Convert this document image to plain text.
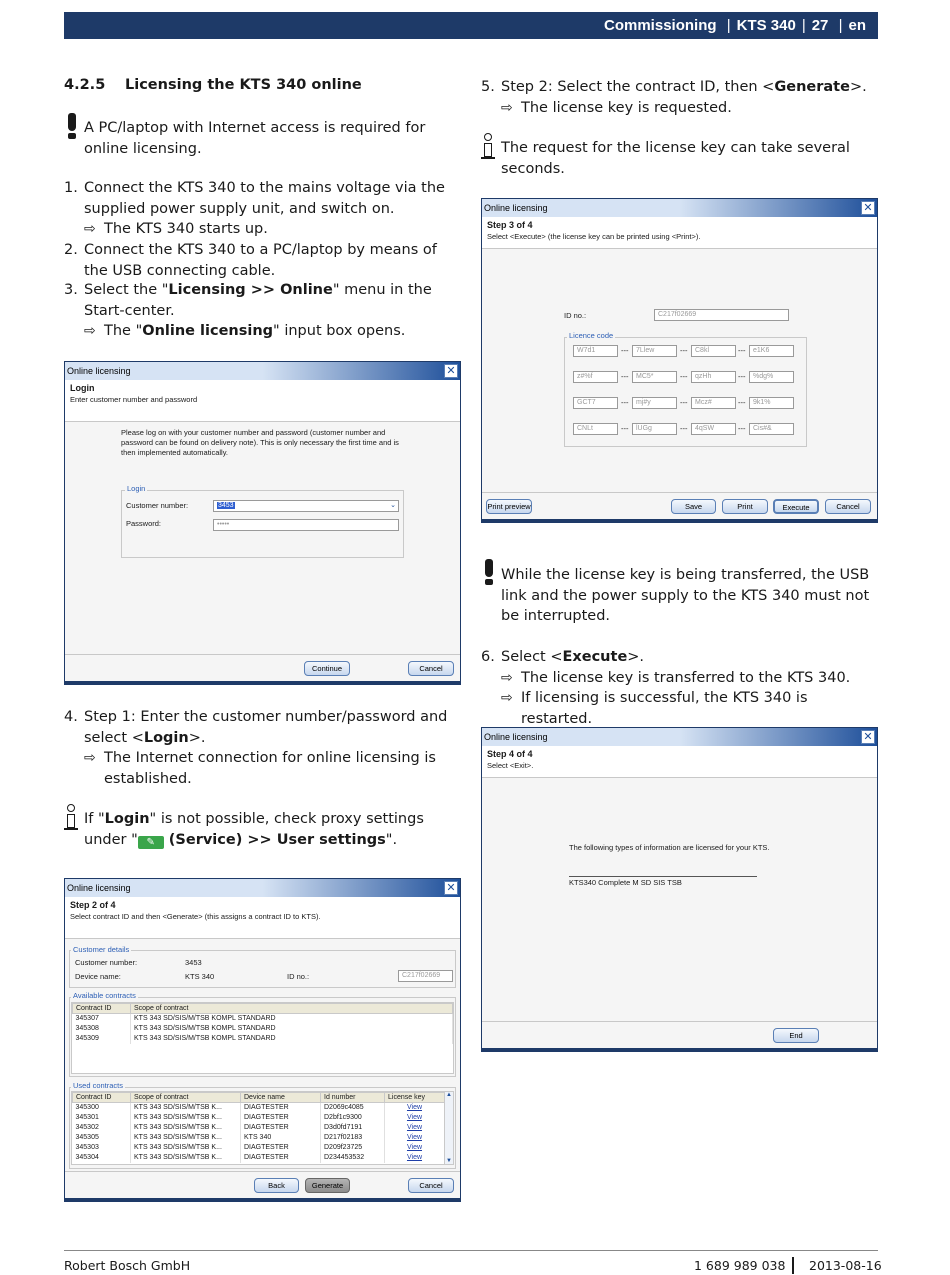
Commissioning | KTS 340 | 27 | en
4.2.5 Licensing the KTS 340 online
A PC/laptop with Internet access is required for online licensing.
1. Connect the KTS 340 to the mains voltage via the supplied power supply unit, and switch on.
⇨ The KTS 340 starts up.
2. Connect the KTS 340 to a PC/laptop by means of the USB connecting cable.
3. Select the "Licensing >> Online" menu in the Start-center.
⇨ The "Online licensing" input box opens.
Online licensing	✕
Login
Enter customer number and password
Please log on with your customer number and password (customer number and password can be found on delivery note). This is only necessary the first time and is then implemented automatically.
Login
Customer number:	3453	⌄
Password:	•••••
Continue	Cancel
4. Step 1: Enter the customer number/password and select <Login>.
⇨ The Internet connection for online licensing is established.
If "Login" is not possible, check proxy settings under " ✎ (Service) >> User settings".
Online licensing	✕
Step 2 of 4
Select contract ID and then <Generate> (this assigns a contract ID to KTS).
Customer details
Customer number:	3453
Device name:	KTS 340	ID no.:	C217f02669
Available contracts
Contract ID	Scope of contract
345307	KTS 343 SD/SIS/M/TSB KOMPL STANDARD
345308	KTS 343 SD/SIS/M/TSB KOMPL STANDARD
345309	KTS 343 SD/SIS/M/TSB KOMPL STANDARD
Used contracts
Contract ID	Scope of contract	Device name	Id number	License key
345300	KTS 343 SD/SIS/M/TSB K...	DIAGTESTER	D2069c4085	View
345301	KTS 343 SD/SIS/M/TSB K...	DIAGTESTER	D2bf1c9300	View
345302	KTS 343 SD/SIS/M/TSB K...	DIAGTESTER	D3d0fd7191	View
345305	KTS 343 SD/SIS/M/TSB K...	KTS 340	D217f02183	View
345303	KTS 343 SD/SIS/M/TSB K...	DIAGTESTER	D209f23725	View
345304	KTS 343 SD/SIS/M/TSB K...	DIAGTESTER	D234453532	View
▲
▼
Back	Generate	Cancel
5. Step 2: Select the contract ID, then <Generate>.
⇨ The license key is requested.
The request for the license key can take several seconds.
Online licensing	✕
Step 3 of 4
Select <Execute> (the license key can be printed using <Print>).
ID no.:	C217f02669
Licence code
W7d1	---	7Llew	---	C8kl	---	e1K6
z#%f	---	MC5*	---	qzHh	---	%dg%
GCT7	---	mj#y	---	Mcz#	---	9k1%
CNLt	---	lUGg	---	4qSW	---	Cis#&
Print preview	Save	Print	Execute	Cancel
While the license key is being transferred, the USB link and the power supply to the KTS 340 must not be interrupted.
6. Select <Execute>.
⇨ The license key is transferred to the KTS 340.
⇨ If licensing is successful, the KTS 340 is restarted.
Online licensing	✕
Step 4 of 4
Select <Exit>.
The following types of information are licensed for your KTS.
KTS340 Complete M SD SIS TSB
End
Robert Bosch GmbH	1 689 989 038 2013-08-16
